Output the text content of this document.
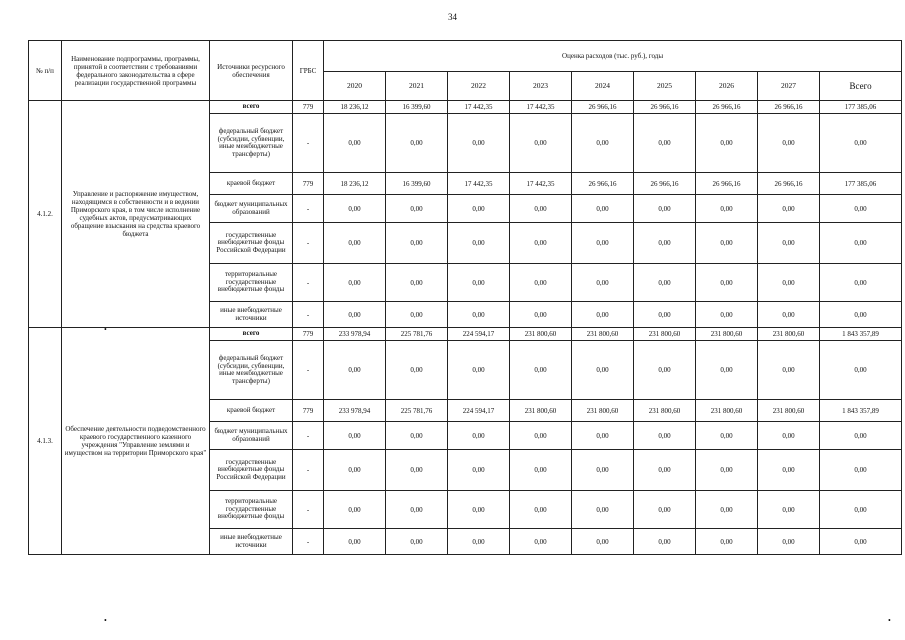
34
№ п/п	Наименование подпрограммы, программы, принятой в соответствии с требованиями федерального законодательства в сфере реализации государственной программы	Источники ресурсного обеспечения	ГРБС	Оценка расходов (тыс. руб.), годы								
				2020	2021	2022	2023	2024	2025	2026	2027	Всего
4.1.2.	Управление и распоряжение имуществом, находящимся в собственности и в ведении Приморского края, в том числе исполнение судебных актов, предусматривающих обращение взыскания на средства краевого бюджета	всего	779	18 236,12	16 399,60	17 442,35	17 442,35	26 966,16	26 966,16	26 966,16	26 966,16	177 385,06
		федеральный бюджет (субсидии, субвенции, иные межбюджетные трансферты)	-	0,00	0,00	0,00	0,00	0,00	0,00	0,00	0,00	0,00
		краевой бюджет	779	18 236,12	16 399,60	17 442,35	17 442,35	26 966,16	26 966,16	26 966,16	26 966,16	177 385,06
		бюджет муниципальных образований	-	0,00	0,00	0,00	0,00	0,00	0,00	0,00	0,00	0,00
		государственные внебюджетные фонды Российской Федерации	-	0,00	0,00	0,00	0,00	0,00	0,00	0,00	0,00	0,00
		территориальные государственные внебюджетные фонды	-	0,00	0,00	0,00	0,00	0,00	0,00	0,00	0,00	0,00
		иные внебюджетные источники	-	0,00	0,00	0,00	0,00	0,00	0,00	0,00	0,00	0,00
4.1.3.	Обеспечение деятельности подведомственного краевого государственного казенного учреждения "Управление землями и имуществом на территории Приморского края"	всего	779	233 978,94	225 781,76	224 594,17	231 800,60	231 800,60	231 800,60	231 800,60	231 800,60	1 843 357,89
		федеральный бюджет (субсидии, субвенции, иные межбюджетные трансферты)	-	0,00	0,00	0,00	0,00	0,00	0,00	0,00	0,00	0,00
		краевой бюджет	779	233 978,94	225 781,76	224 594,17	231 800,60	231 800,60	231 800,60	231 800,60	231 800,60	1 843 357,89
		бюджет муниципальных образований	-	0,00	0,00	0,00	0,00	0,00	0,00	0,00	0,00	0,00
		государственные внебюджетные фонды Российской Федерации	-	0,00	0,00	0,00	0,00	0,00	0,00	0,00	0,00	0,00
		территориальные государственные внебюджетные фонды	-	0,00	0,00	0,00	0,00	0,00	0,00	0,00	0,00	0,00
		иные внебюджетные источники	-	0,00	0,00	0,00	0,00	0,00	0,00	0,00	0,00	0,00
•
•	•
